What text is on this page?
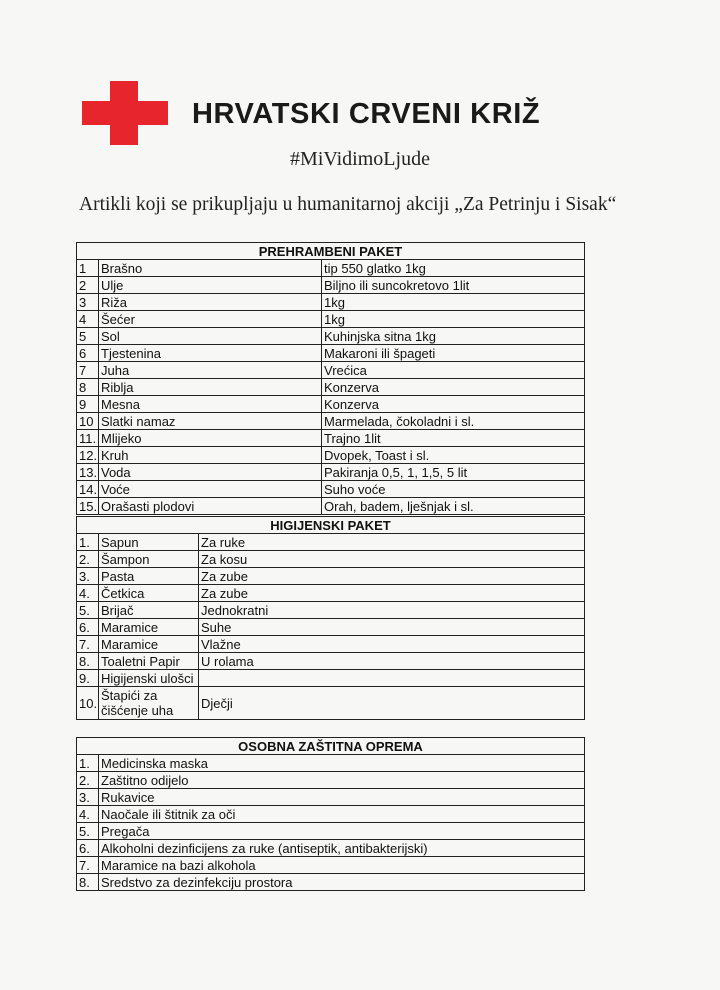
HRVATSKI CRVENI KRIŽ
#MiVidimoLjude
Artikli koji se prikupljaju u humanitarnoj akciji „Za Petrinju i Sisak“
PREHRAMBENI PAKET		
1	Brašno	tip 550 glatko 1kg
2	Ulje	Biljno ili suncokretovo 1lit
3	Riža	1kg
4	Šećer	1kg
5	Sol	Kuhinjska sitna 1kg
6	Tjestenina	Makaroni ili špageti
7	Juha	Vrećica
8	Riblja	Konzerva
9	Mesna	Konzerva
10	Slatki namaz	Marmelada, čokoladni i sl.
11.	Mlijeko	Trajno 1lit
12.	Kruh	Dvopek, Toast i sl.
13.	Voda	Pakiranja 0,5, 1, 1,5, 5 lit
14.	Voće	Suho voće
15.	Orašasti plodovi	Orah, badem, lješnjak i sl.
HIGIJENSKI PAKET		
1.	Sapun	Za ruke
2.	Šampon	Za kosu
3.	Pasta	Za zube
4.	Četkica	Za zube
5.	Brijač	Jednokratni
6.	Maramice	Suhe
7.	Maramice	Vlažne
8.	Toaletni Papir	U rolama
9.	Higijenski ulošci	
10.	Štapići za čišćenje uha	Dječji
OSOBNA ZAŠTITNA OPREMA	
1.	Medicinska maska
2.	Zaštitno odijelo
3.	Rukavice
4.	Naočale ili štitnik za oči
5.	Pregača
6.	Alkoholni dezinficijens za ruke (antiseptik, antibakterijski)
7.	Maramice na bazi alkohola
8.	Sredstvo za dezinfekciju prostora
